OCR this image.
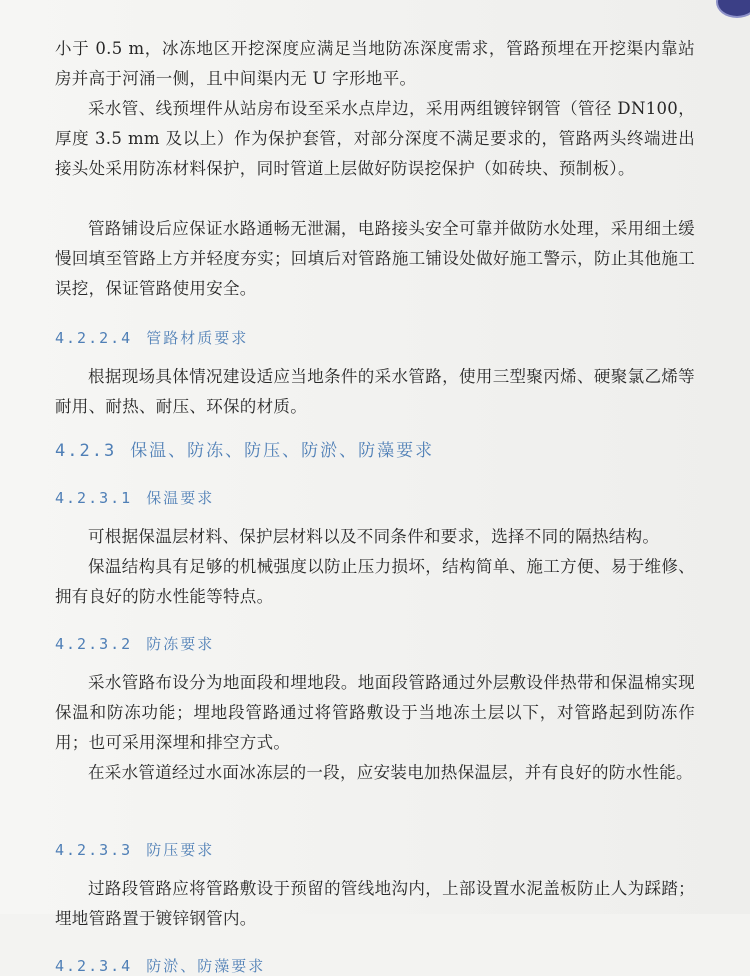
小于 0.5 m，冰冻地区开挖深度应满足当地防冻深度需求，管路预埋在开挖渠内靠站房并高于河涌一侧，且中间渠内无 U 字形地平。

采水管、线预埋件从站房布设至采水点岸边，采用两组镀锌钢管（管径 DN100，厚度 3.5 mm 及以上）作为保护套管，对部分深度不满足要求的，管路两头终端进出接头处采用防冻材料保护，同时管道上层做好防误挖保护（如砖块、预制板）。

管路铺设后应保证水路通畅无泄漏，电路接头安全可靠并做防水处理，采用细土缓慢回填至管路上方并轻度夯实；回填后对管路施工铺设处做好施工警示，防止其他施工误挖，保证管路使用安全。

4.2.2.4 管路材质要求

根据现场具体情况建设适应当地条件的采水管路，使用三型聚丙烯、硬聚氯乙烯等耐用、耐热、耐压、环保的材质。

4.2.3 保温、防冻、防压、防淤、防藻要求
4.2.3.1 保温要求

可根据保温层材料、保护层材料以及不同条件和要求，选择不同的隔热结构。

保温结构具有足够的机械强度以防止压力损坏，结构简单、施工方便、易于维修、拥有良好的防水性能等特点。

4.2.3.2 防冻要求

采水管路布设分为地面段和埋地段。地面段管路通过外层敷设伴热带和保温棉实现保温和防冻功能；埋地段管路通过将管路敷设于当地冻土层以下，对管路起到防冻作用；也可采用深埋和排空方式。

在采水管道经过水面冰冻层的一段，应安装电加热保温层，并有良好的防水性能。

4.2.3.3 防压要求

过路段管路应将管路敷设于预留的管线地沟内，上部设置水泥盖板防止人为踩踏；埋地管路置于镀锌钢管内。

4.2.3.4 防淤、防藻要求
